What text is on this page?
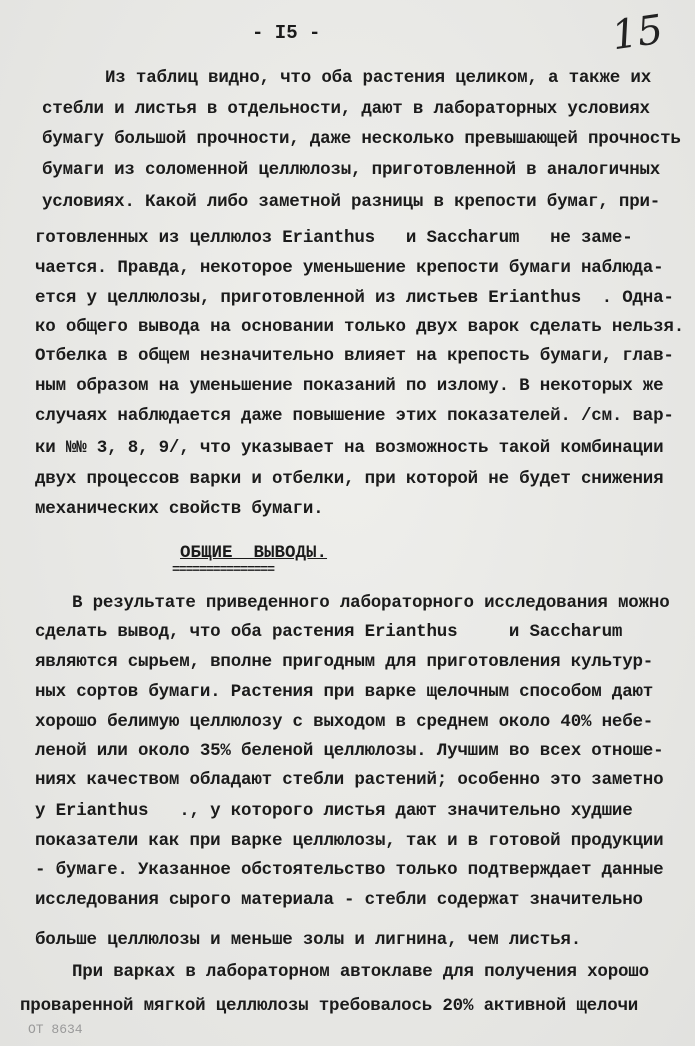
- I5 -	15
Из таблиц видно, что оба растения целиком, а также их
стебли и листья в отдельности, дают в лабораторных условиях
бумагу большой прочности, даже несколько превышающей прочность
бумаги из соломенной целлюлозы, приготовленной в аналогичных
условиях. Какой либо заметной разницы в крепости бумаг, при-
готовленных из целлюлоз Erianthus   и Saccharum   не заме-
чается. Правда, некоторое уменьшение крепости бумаги наблюда-
ется у целлюлозы, приготовленной из листьев Erianthus  . Одна-
ко общего вывода на основании только двух варок сделать нельзя.
Отбелка в общем незначительно влияет на крепость бумаги, глав-
ным образом на уменьшение показаний по излому. В некоторых же
случаях наблюдается даже повышение этих показателей. /см. вар-
ки №№ 3, 8, 9/, что указывает на возможность такой комбинации
двух процессов варки и отбелки, при которой не будет снижения
механических свойств бумаги.
ОБЩИЕ  ВЫВОДЫ.
===============
В результате приведенного лабораторного исследования можно
сделать вывод, что оба растения Erianthus     и Saccharum
являются сырьем, вполне пригодным для приготовления культур-
ных сортов бумаги. Растения при варке щелочным способом дают
хорошо белимую целлюлозу с выходом в среднем около 40% небе-
леной или около 35% беленой целлюлозы. Лучшим во всех отноше-
ниях качеством обладают стебли растений; особенно это заметно
у Erianthus   ., у которого листья дают значительно худшие
показатели как при варке целлюлозы, так и в готовой продукции
- бумаге. Указанное обстоятельство только подтверждает данные
исследования сырого материала - стебли содержат значительно
больше целлюлозы и меньше золы и лигнина, чем листья.
При варках в лабораторном автоклаве для получения хорошо
проваренной мягкой целлюлозы требовалось 20% активной щелочи
ОТ 8634
